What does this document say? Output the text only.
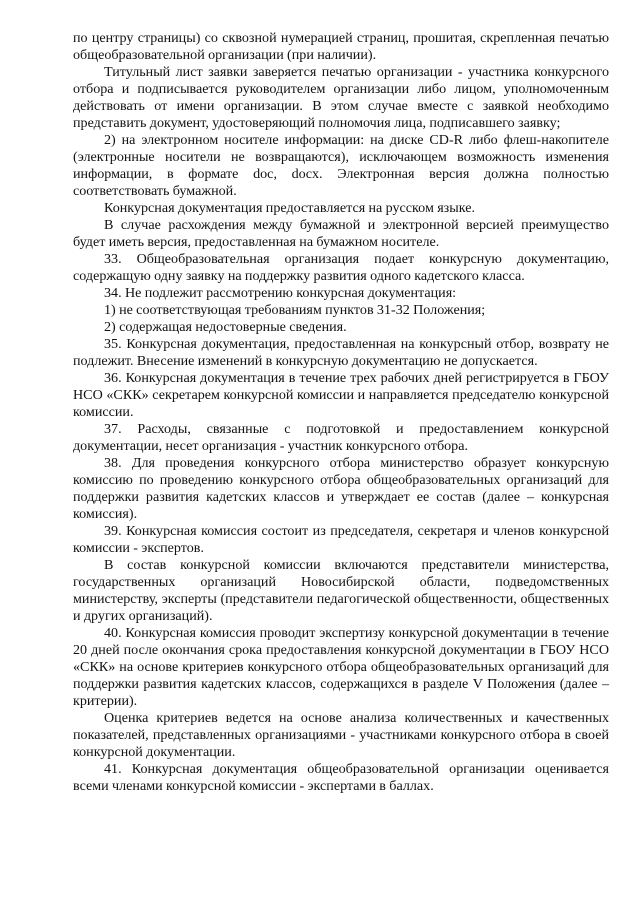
по центру страницы) со сквозной нумерацией страниц, прошитая, скрепленная печатью общеобразовательной организации (при наличии).

Титульный лист заявки заверяется печатью организации - участника конкурсного отбора и подписывается руководителем организации либо лицом, уполномоченным действовать от имени организации. В этом случае вместе с заявкой необходимо представить документ, удостоверяющий полномочия лица, подписавшего заявку;

2) на электронном носителе информации: на диске CD-R либо флеш-накопителе (электронные носители не возвращаются), исключающем возможность изменения информации, в формате doc, docx. Электронная версия должна полностью соответствовать бумажной.

Конкурсная документация предоставляется на русском языке.

В случае расхождения между бумажной и электронной версией преимущество будет иметь версия, предоставленная на бумажном носителе.

33. Общеобразовательная организация подает конкурсную документацию, содержащую одну заявку на поддержку развития одного кадетского класса.

34. Не подлежит рассмотрению конкурсная документация:

1) не соответствующая требованиям пунктов 31-32 Положения;

2) содержащая недостоверные сведения.

35. Конкурсная документация, предоставленная на конкурсный отбор, возврату не подлежит. Внесение изменений в конкурсную документацию не допускается.

36. Конкурсная документация в течение трех рабочих дней регистрируется в ГБОУ НСО «СКК» секретарем конкурсной комиссии и направляется председателю конкурсной комиссии.

37. Расходы, связанные с подготовкой и предоставлением конкурсной документации, несет организация - участник конкурсного отбора.

38. Для проведения конкурсного отбора министерство образует конкурсную комиссию по проведению конкурсного отбора общеобразовательных организаций для поддержки развития кадетских классов и утверждает ее состав (далее – конкурсная комиссия).

39. Конкурсная комиссия состоит из председателя, секретаря и членов конкурсной комиссии - экспертов.

В состав конкурсной комиссии включаются представители министерства, государственных организаций Новосибирской области, подведомственных министерству, эксперты (представители педагогической общественности, общественных и других организаций).

40. Конкурсная комиссия проводит экспертизу конкурсной документации в течение 20 дней после окончания срока предоставления конкурсной документации в ГБОУ НСО «СКК» на основе критериев конкурсного отбора общеобразовательных организаций для поддержки развития кадетских классов, содержащихся в разделе V Положения (далее – критерии).

Оценка критериев ведется на основе анализа количественных и качественных показателей, представленных организациями - участниками конкурсного отбора в своей конкурсной документации.

41. Конкурсная документация общеобразовательной организации оценивается всеми членами конкурсной комиссии - экспертами в баллах.
